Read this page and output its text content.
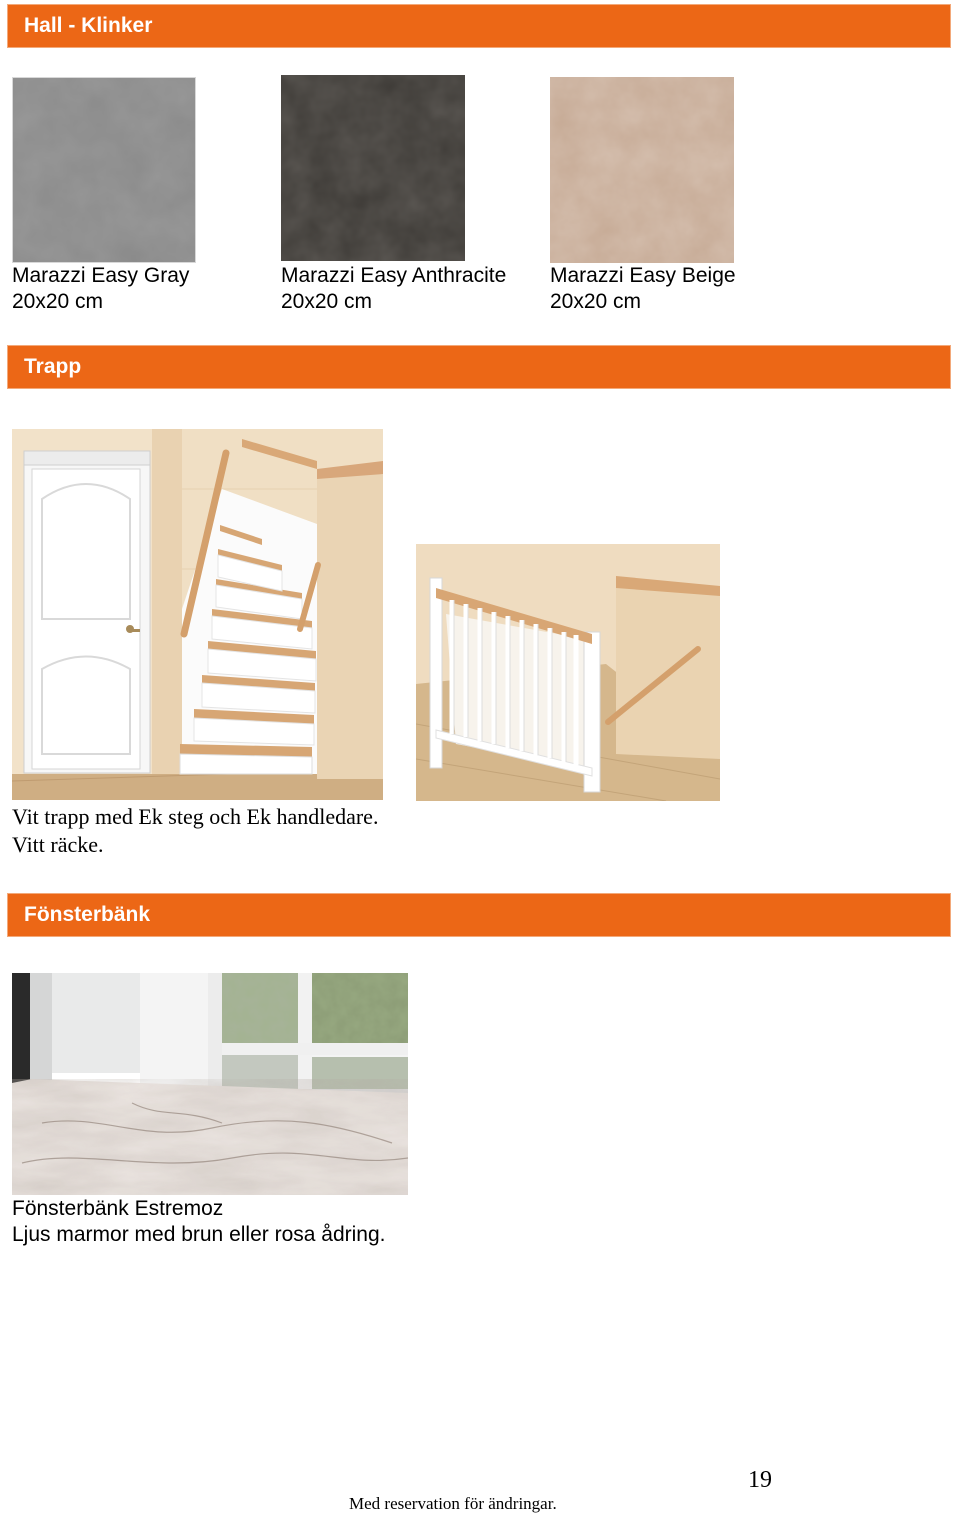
Hall - Klinker
Marazzi Easy Gray
20x20 cm
Marazzi Easy Anthracite
20x20 cm
Marazzi Easy Beige
20x20 cm
Trapp
Vit trapp med Ek steg och Ek handledare.
Vitt räcke.
Fönsterbänk
Fönsterbänk Estremoz
Ljus marmor med brun eller rosa ådring.
19
Med reservation för ändringar.
